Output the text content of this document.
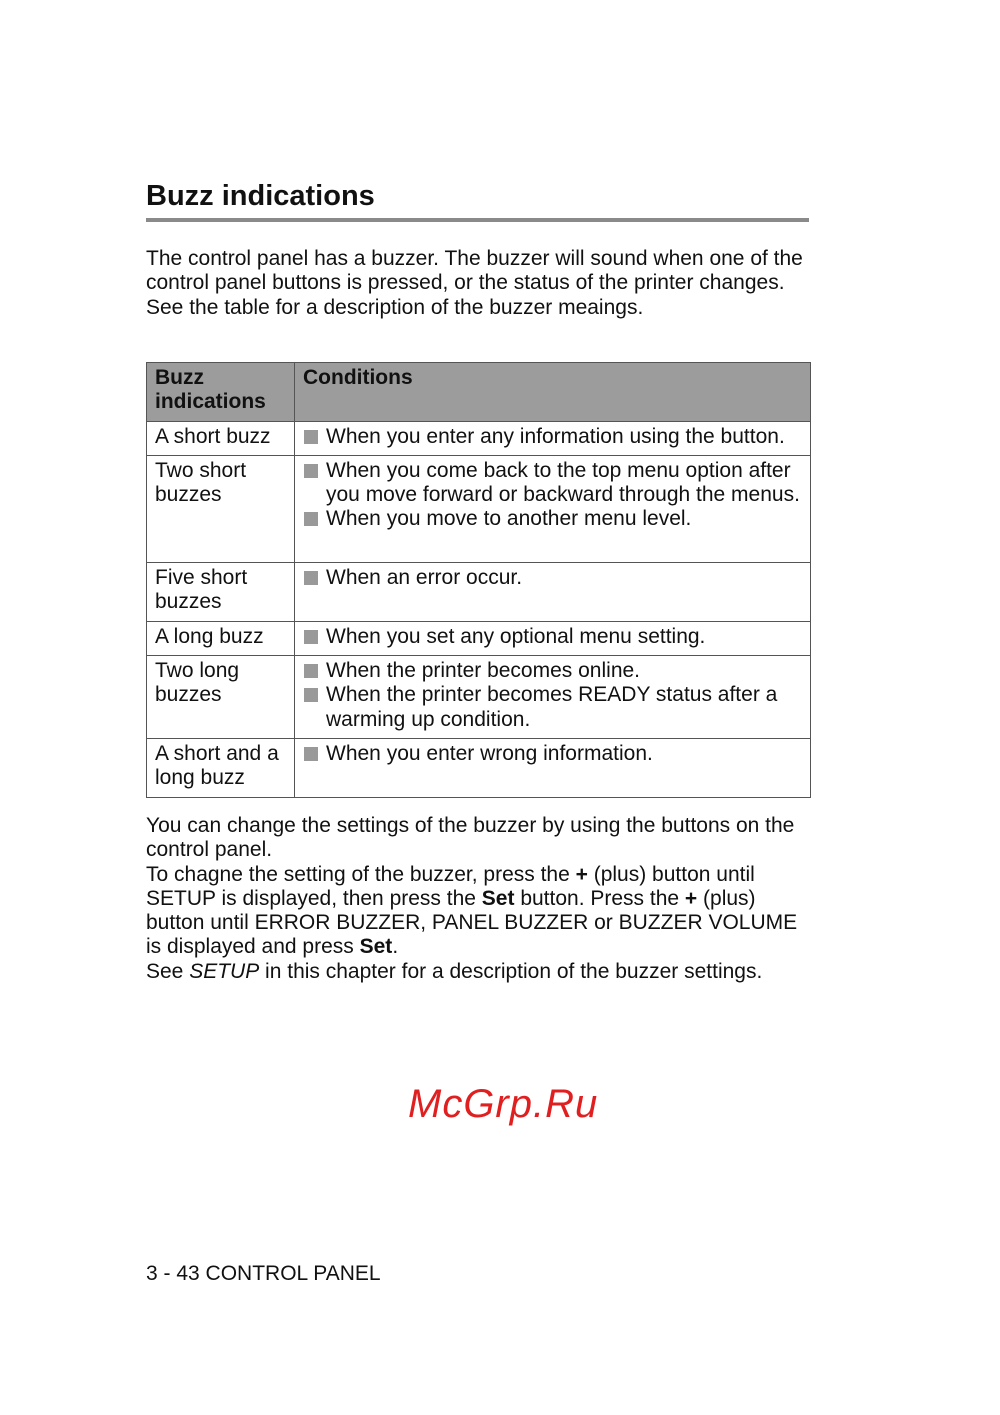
Buzz indications

The control panel has a buzzer. The buzzer will sound when one of the control panel buttons is pressed, or the status of the printer changes. See the table for a description of the buzzer meaings.

Buzz indications	Conditions
A short buzz	When you enter any information using the button.

Two short buzzes	When you come back to the top menu option after you move forward or backward through the menus.
When you move to another menu level.

Five short buzzes	When an error occur.

A long buzz	When you set any optional menu setting.

Two long buzzes	When the printer becomes online.
When the printer becomes READY status after a warming up condition.

A short and a long buzz	When you enter wrong information.
You can change the settings of the buzzer by using the buttons on the control panel.
To chagne the setting of the buzzer, press the + (plus) button until SETUP is displayed, then press the Set button. Press the + (plus) button until ERROR BUZZER, PANEL BUZZER or BUZZER VOLUME is displayed and press Set.
See SETUP in this chapter for a description of the buzzer settings.
McGrp.Ru
3 - 43 CONTROL PANEL
